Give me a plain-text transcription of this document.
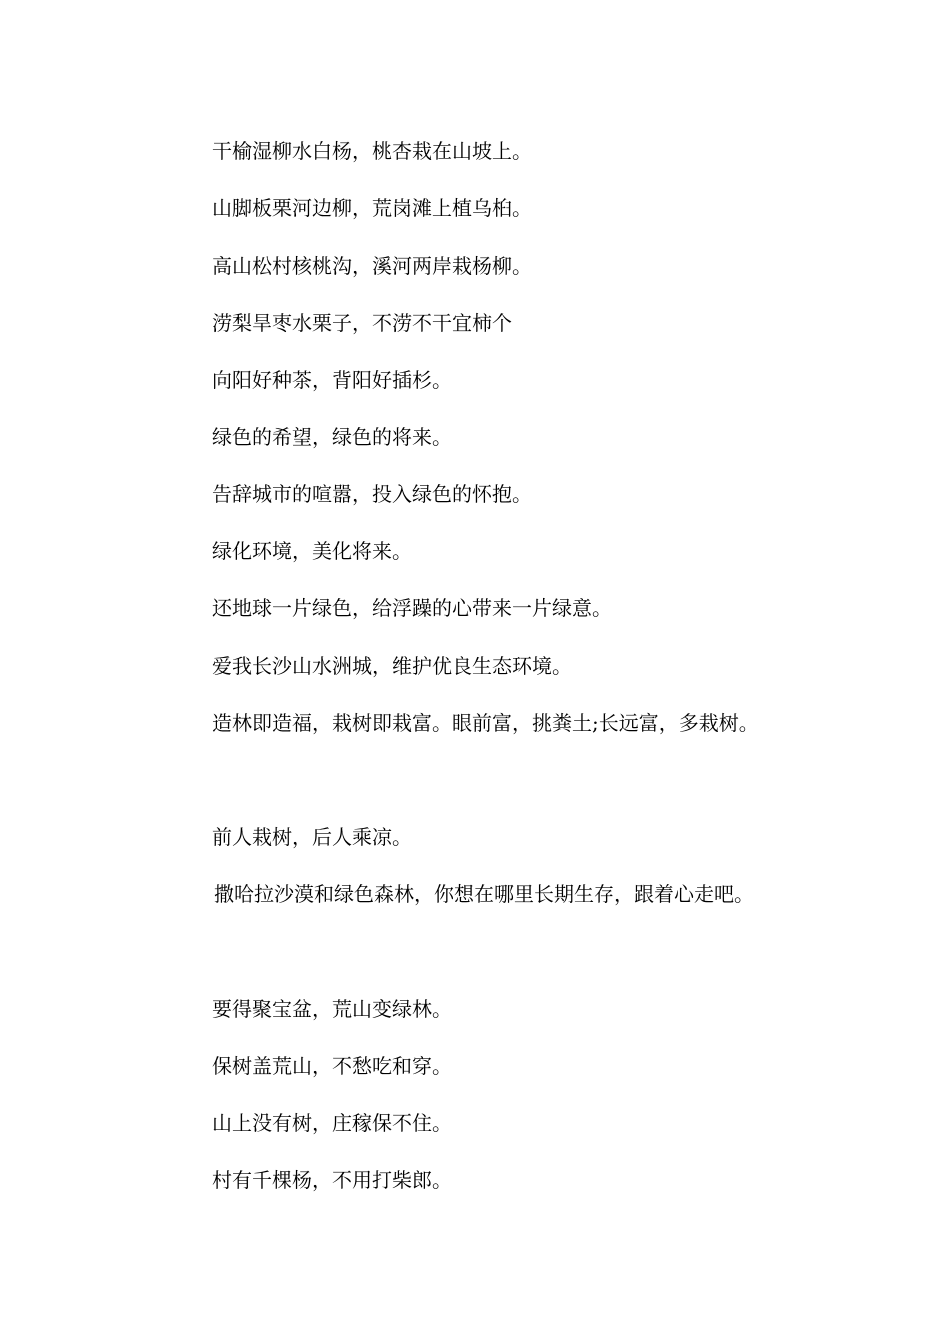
干榆湿柳水白杨，桃杏栽在山坡上。

山脚板栗河边柳，荒岗滩上植乌桕。

高山松村核桃沟，溪河两岸栽杨柳。

涝梨旱枣水栗子，不涝不干宜柿个

向阳好种茶，背阳好插杉。

绿色的希望，绿色的将来。

告辞城市的喧嚣，投入绿色的怀抱。

绿化环境，美化将来。

还地球一片绿色，给浮躁的心带来一片绿意。

爱我长沙山水洲城，维护优良生态环境。

造林即造福，栽树即栽富。眼前富，挑粪土;长远富，多栽树。

前人栽树，后人乘凉。

撒哈拉沙漠和绿色森林，你想在哪里长期生存，跟着心走吧。

要得聚宝盆，荒山变绿林。

保树盖荒山，不愁吃和穿。

山上没有树，庄稼保不住。

村有千棵杨，不用打柴郎。
